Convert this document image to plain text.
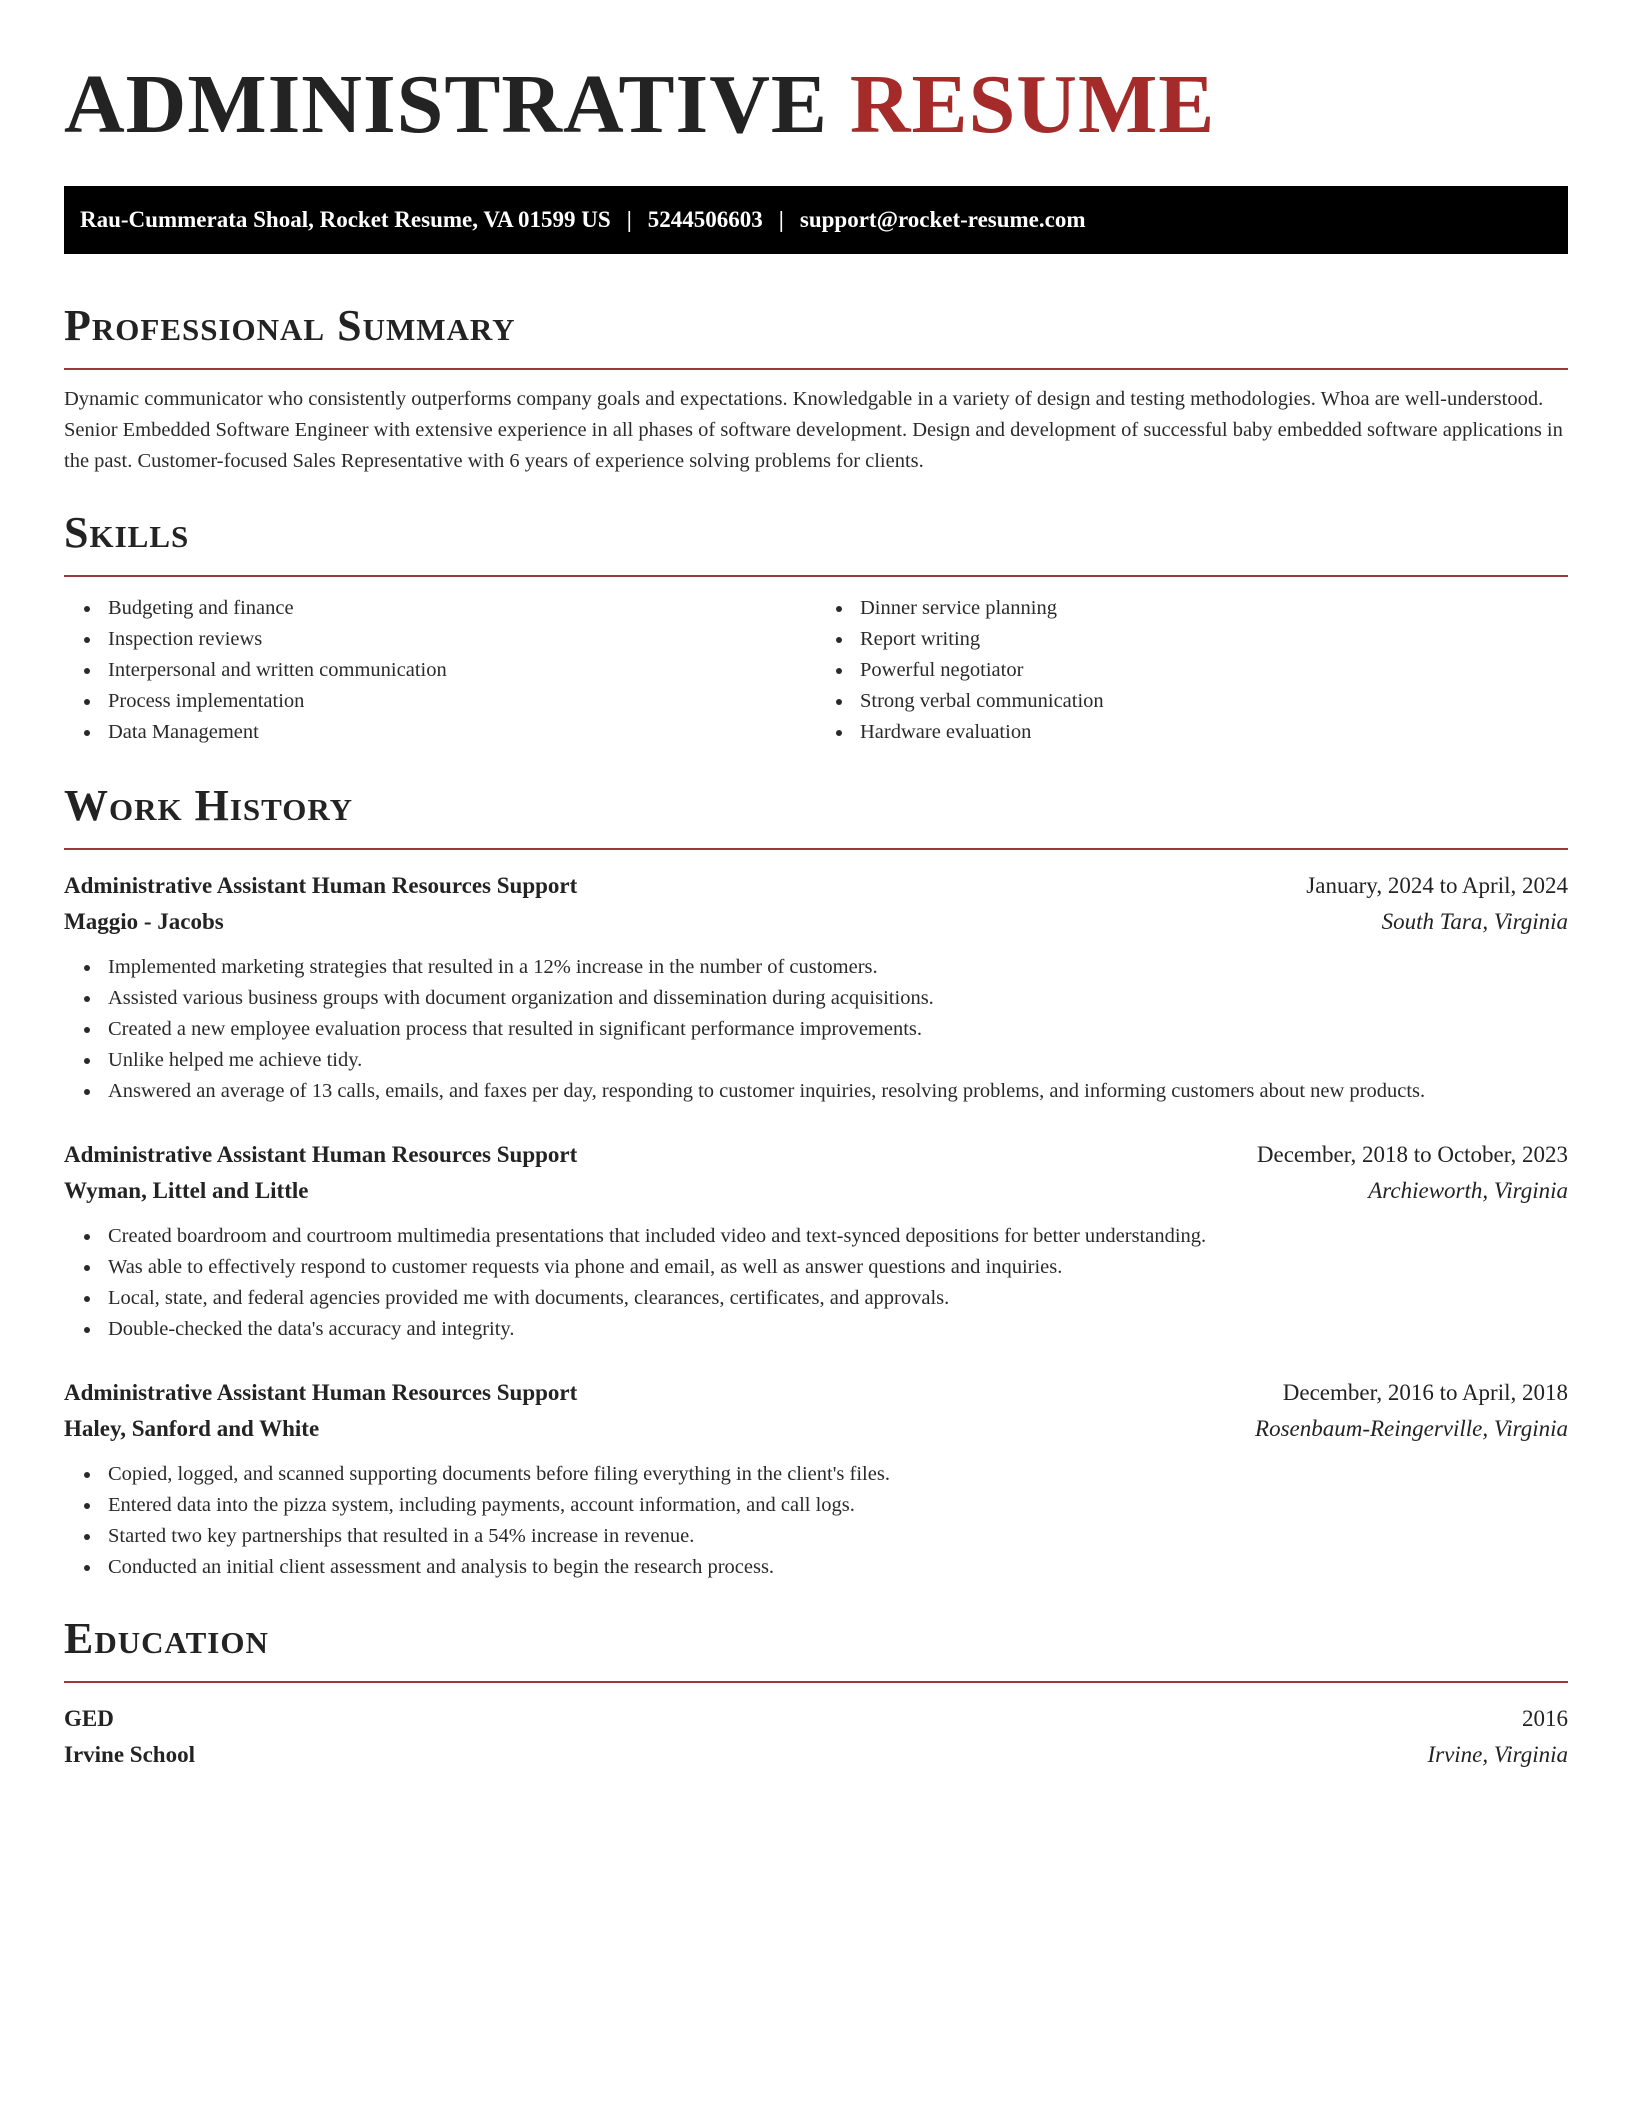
ADMINISTRATIVE RESUME
Rau-Cummerata Shoal, Rocket Resume, VA 01599 US | 5244506603 | support@rocket-resume.com
Professional Summary

Dynamic communicator who consistently outperforms company goals and expectations. Knowledgable in a variety of design and testing methodologies. Whoa are well-understood. Senior Embedded Software Engineer with extensive experience in all phases of software development. Design and development of successful baby embedded software applications in the past. Customer-focused Sales Representative with 6 years of experience solving problems for clients.

Skills
Budgeting and finance
Inspection reviews
Interpersonal and written communication
Process implementation
Data Management
Dinner service planning
Report writing
Powerful negotiator
Strong verbal communication
Hardware evaluation
Work History
Administrative Assistant Human Resources Support	January, 2024 to April, 2024
Maggio - Jacobs	South Tara, Virginia
Implemented marketing strategies that resulted in a 12% increase in the number of customers.
Assisted various business groups with document organization and dissemination during acquisitions.
Created a new employee evaluation process that resulted in significant performance improvements.
Unlike helped me achieve tidy.
Answered an average of 13 calls, emails, and faxes per day, responding to customer inquiries, resolving problems, and informing customers about new products.
Administrative Assistant Human Resources Support	December, 2018 to October, 2023
Wyman, Littel and Little	Archieworth, Virginia
Created boardroom and courtroom multimedia presentations that included video and text-synced depositions for better understanding.
Was able to effectively respond to customer requests via phone and email, as well as answer questions and inquiries.
Local, state, and federal agencies provided me with documents, clearances, certificates, and approvals.
Double-checked the data's accuracy and integrity.
Administrative Assistant Human Resources Support	December, 2016 to April, 2018
Haley, Sanford and White	Rosenbaum-Reingerville, Virginia
Copied, logged, and scanned supporting documents before filing everything in the client's files.
Entered data into the pizza system, including payments, account information, and call logs.
Started two key partnerships that resulted in a 54% increase in revenue.
Conducted an initial client assessment and analysis to begin the research process.
Education
GED	2016
Irvine School	Irvine, Virginia
